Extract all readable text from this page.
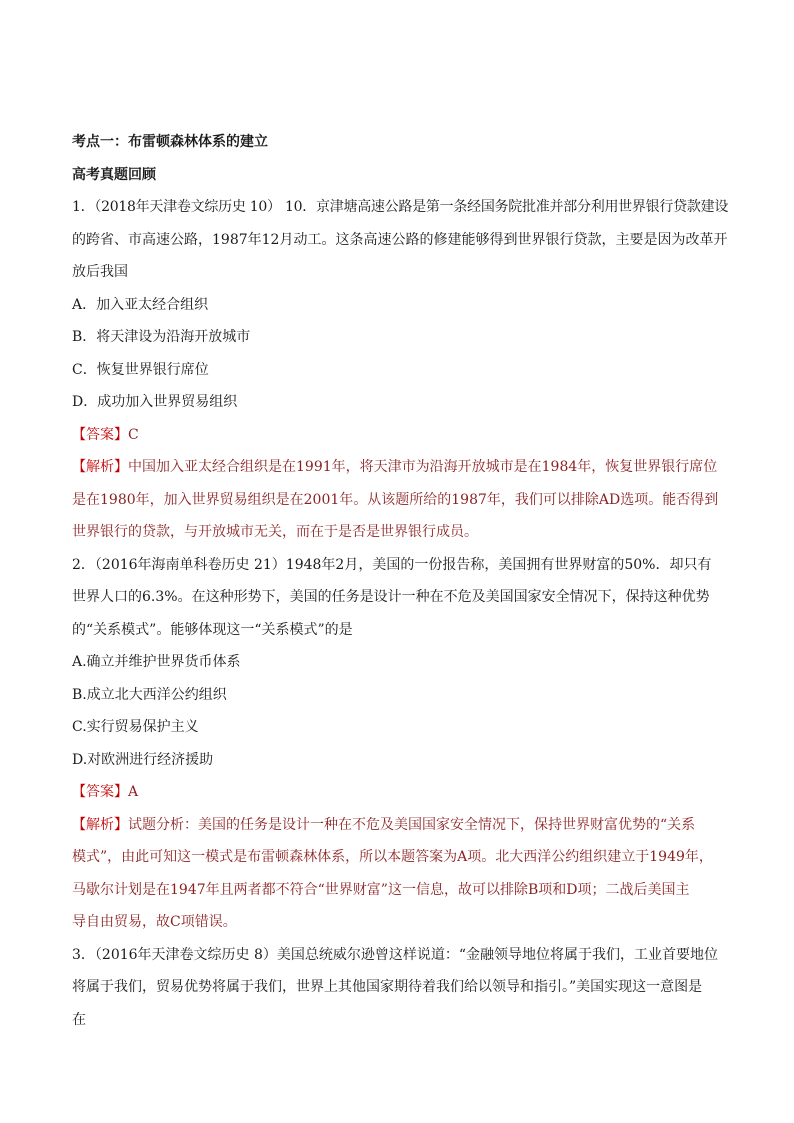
考点一：布雷顿森林体系的建立

高考真题回顾

1．（2018年天津卷文综历史 10） 10．京津塘高速公路是第一条经国务院批准并部分利用世界银行贷款建设

的跨省、市高速公路，1987年12月动工。这条高速公路的修建能够得到世界银行贷款，主要是因为改革开

放后我国

A．加入亚太经合组织

B．将天津设为沿海开放城市

C．恢复世界银行席位

D．成功加入世界贸易组织

【答案】C

【解析】中国加入亚太经合组织是在1991年，将天津市为沿海开放城市是在1984年，恢复世界银行席位

是在1980年，加入世界贸易组织是在2001年。从该题所给的1987年，我们可以排除AD选项。能否得到

世界银行的贷款，与开放城市无关，而在于是否是世界银行成员。

2．（2016年海南单科卷历史 21）1948年2月，美国的一份报告称，美国拥有世界财富的50%．却只有

世界人口的6.3%。在这种形势下，美国的任务是设计一种在不危及美国国家安全情况下，保持这种优势

的“关系模式”。能够体现这一“关系模式”的是

A.确立并维护世界货币体系

B.成立北大西洋公约组织

C.实行贸易保护主义

D.对欧洲进行经济援助

【答案】A

【解析】试题分析：美国的任务是设计一种在不危及美国国家安全情况下，保持世界财富优势的“关系

模式”，由此可知这一模式是布雷顿森林体系，所以本题答案为A项。北大西洋公约组织建立于1949年，

马歇尔计划是在1947年且两者都不符合“世界财富”这一信息，故可以排除B项和D项；二战后美国主

导自由贸易，故C项错误。

3．（2016年天津卷文综历史 8）美国总统威尔逊曾这样说道：“金融领导地位将属于我们，工业首要地位

将属于我们，贸易优势将属于我们，世界上其他国家期待着我们给以领导和指引。”美国实现这一意图是

在
